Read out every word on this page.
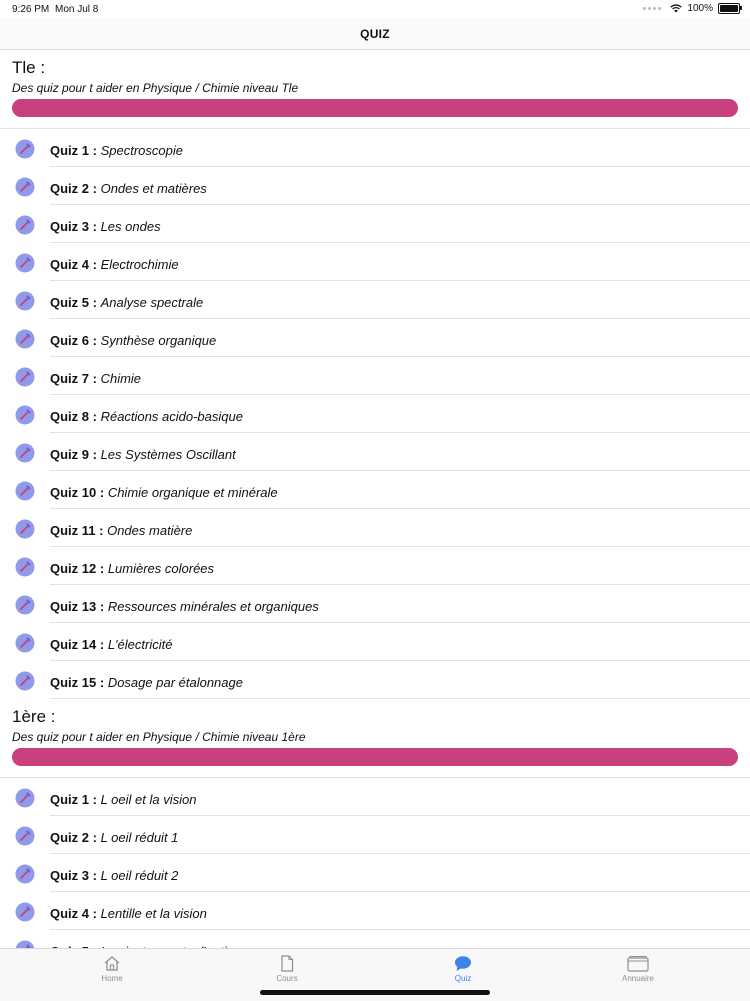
9:26 PM Mon Jul 8	100%
QUIZ
Tle :
Des quiz pour t aider en Physique / Chimie niveau Tle
Quiz 1 : Spectroscopie
Quiz 2 : Ondes et matières
Quiz 3 : Les ondes
Quiz 4 : Electrochimie
Quiz 5 : Analyse spectrale
Quiz 6 : Synthèse organique
Quiz 7 : Chimie
Quiz 8 : Réactions acido-basique
Quiz 9 : Les Systèmes Oscillant
Quiz 10 : Chimie organique et minérale
Quiz 11 : Ondes matière
Quiz 12 : Lumières colorées
Quiz 13 : Ressources minérales et organiques
Quiz 14 : L'électricité
Quiz 15 : Dosage par étalonnage
1ère :
Des quiz pour t aider en Physique / Chimie niveau 1ère
Quiz 1 : L oeil et la vision
Quiz 2 : L oeil réduit 1
Quiz 3 : L oeil réduit 2
Quiz 4 : Lentille et la vision
Home	Cours	Quiz	Annuaire
